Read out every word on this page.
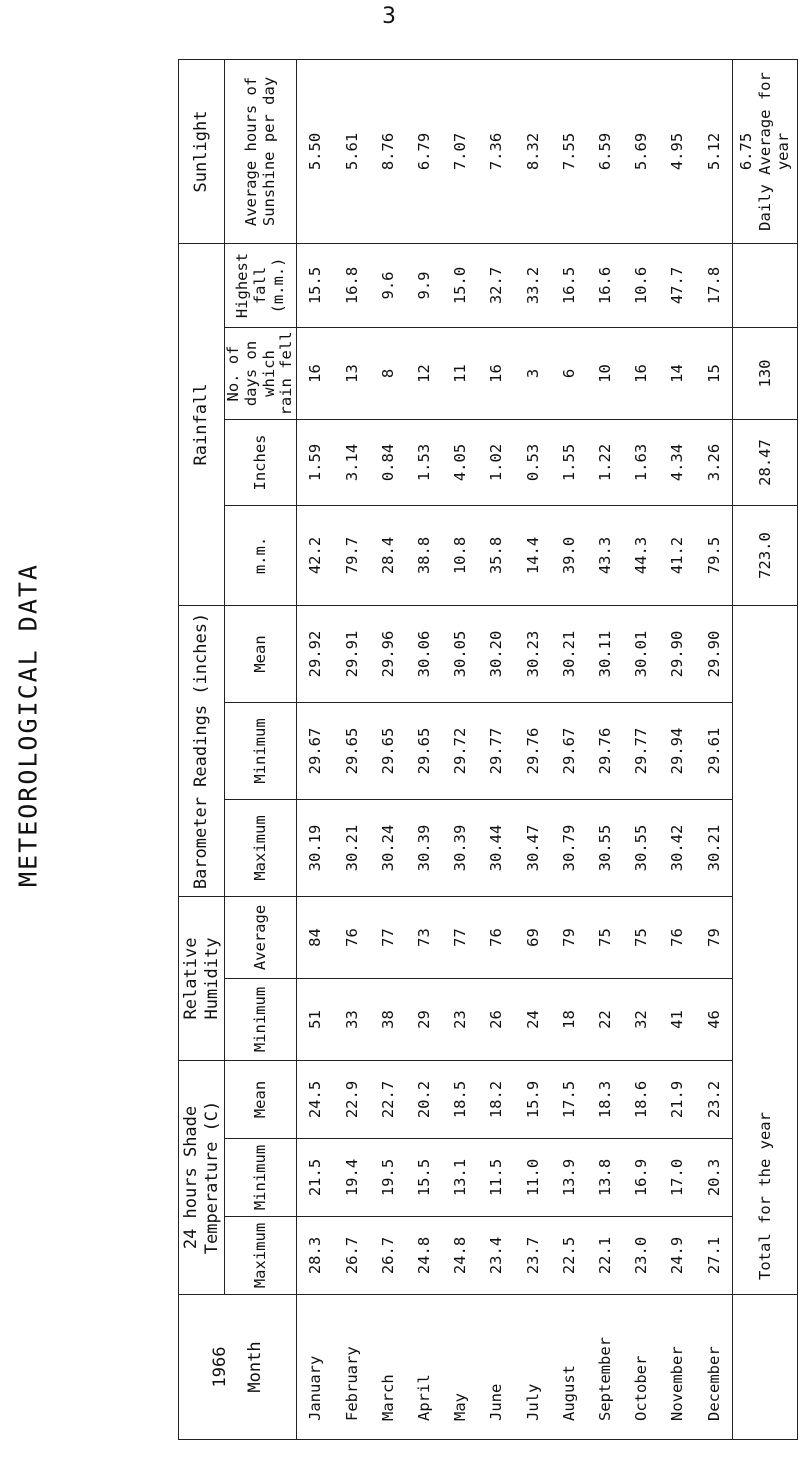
3
METEOROLOGICAL DATA
1966 Month	24 hours Shade Temperature (C)			Relative Humidity		Barometer Readings (inches)			Rainfall				Sunlight
	Maximum	Minimum	Mean	Minimum	Average	Maximum	Minimum	Mean	m.m.	Inches	No. of days on which rain fell	Highest fall (m.m.)	Average hours of Sunshine per day
January	28.3	21.5	24.5	51	84	30.19	29.67	29.92	42.2	1.59	16	15.5	5.50
February	26.7	19.4	22.9	33	76	30.21	29.65	29.91	79.7	3.14	13	16.8	5.61
March	26.7	19.5	22.7	38	77	30.24	29.65	29.96	28.4	0.84	8	9.6	8.76
April	24.8	15.5	20.2	29	73	30.39	29.65	30.06	38.8	1.53	12	9.9	6.79
May	24.8	13.1	18.5	23	77	30.39	29.72	30.05	10.8	4.05	11	15.0	7.07
June	23.4	11.5	18.2	26	76	30.44	29.77	30.20	35.8	1.02	16	32.7	7.36
July	23.7	11.0	15.9	24	69	30.47	29.76	30.23	14.4	0.53	3	33.2	8.32
August	22.5	13.9	17.5	18	79	30.79	29.67	30.21	39.0	1.55	6	16.5	7.55
September	22.1	13.8	18.3	22	75	30.55	29.76	30.11	43.3	1.22	10	16.6	6.59
October	23.0	16.9	18.6	32	75	30.55	29.77	30.01	44.3	1.63	16	10.6	5.69
November	24.9	17.0	21.9	41	76	30.42	29.94	29.90	41.2	4.34	14	47.7	4.95
December	27.1	20.3	23.2	46	79	30.21	29.61	29.90	79.5	3.26	15	17.8	5.12
	Total for the year								723.0	28.47	130		6.75 Daily Average for year
